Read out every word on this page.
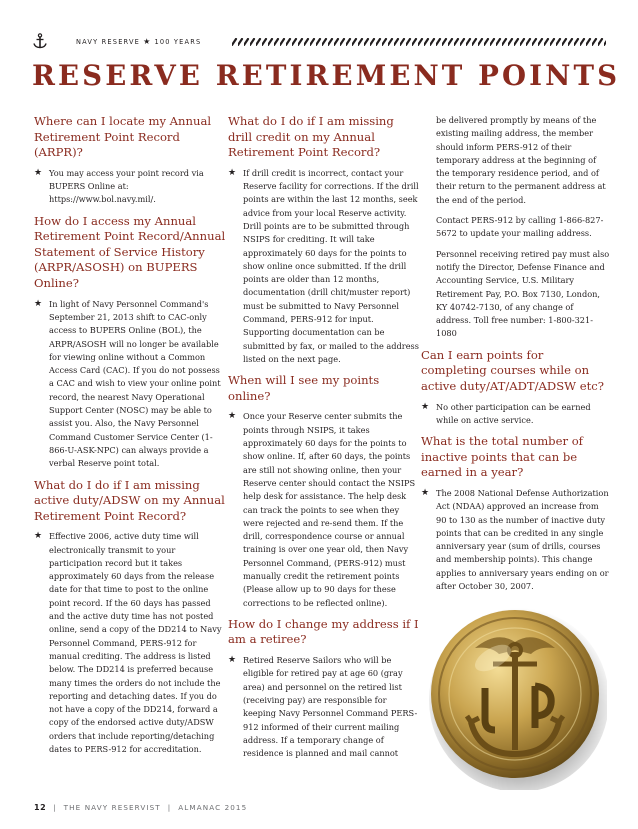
NAVY RESERVE ★ 100 YEARS
RESERVE RETIREMENT POINTS
Where can I locate my Annual Retirement Point Record (ARPR)?
★ You may access your point record via BUPERS Online at: https://www.bol.navy.mil/.
How do I access my Annual Retirement Point Record/Annual Statement of Service History (ARPR/ASOSH) on BUPERS Online?
★ In light of Navy Personnel Command's September 21, 2013 shift to CAC-only access to BUPERS Online (BOL), the ARPR/ASOSH will no longer be available for viewing online without a Common Access Card (CAC). If you do not possess a CAC and wish to view your online point record, the nearest Navy Operational Support Center (NOSC) may be able to assist you. Also, the Navy Personnel Command Customer Service Center (1-866-U-ASK-NPC) can always provide a verbal Reserve point total.
What do I do if I am missing active duty/ADSW on my Annual Retirement Point Record?
★ Effective 2006, active duty time will electronically transmit to your participation record but it takes approximately 60 days from the release date for that time to post to the online point record. If the 60 days has passed and the active duty time has not posted online, send a copy of the DD214 to Navy Personnel Command, PERS-912 for manual crediting. The address is listed below. The DD214 is preferred because many times the orders do not include the reporting and detaching dates. If you do not have a copy of the DD214, forward a copy of the endorsed active duty/ADSW orders that include reporting/detaching dates to PERS-912 for accreditation.
What do I do if I am missing drill credit on my Annual Retirement Point Record?
★ If drill credit is incorrect, contact your Reserve facility for corrections. If the drill points are within the last 12 months, seek advice from your local Reserve activity. Drill points are to be submitted through NSIPS for crediting. It will take approximately 60 days for the points to show online once submitted. If the drill points are older than 12 months, documentation (drill chit/muster report) must be submitted to Navy Personnel Command, PERS-912 for input. Supporting documentation can be submitted by fax, or mailed to the address listed on the next page.
When will I see my points online?
★ Once your Reserve center submits the points through NSIPS, it takes approximately 60 days for the points to show online. If, after 60 days, the points are still not showing online, then your Reserve center should contact the NSIPS help desk for assistance. The help desk can track the points to see when they were rejected and re-send them. If the drill, correspondence course or annual training is over one year old, then Navy Personnel Command, (PERS-912) must manually credit the retirement points (Please allow up to 90 days for these corrections to be reflected online).
How do I change my address if I am a retiree?
★ Retired Reserve Sailors who will be eligible for retired pay at age 60 (gray area) and personnel on the retired list (receiving pay) are responsible for keeping Navy Personnel Command PERS-912 informed of their current mailing address. If a temporary change of residence is planned and mail cannot
be delivered promptly by means of the existing mailing address, the member should inform PERS-912 of their temporary address at the beginning of the temporary residence period, and of their return to the permanent address at the end of the period.
Contact PERS-912 by calling 1-866-827-5672 to update your mailing address.
Personnel receiving retired pay must also notify the Director, Defense Finance and Accounting Service, U.S. Military Retirement Pay, P.O. Box 7130, London, KY 40742-7130, of any change of address. Toll free number: 1-800-321-1080
Can I earn points for completing courses while on active duty/AT/ADT/ADSW etc?
★ No other participation can be earned while on active service.
What is the total number of inactive points that can be earned in a year?
★ The 2008 National Defense Authorization Act (NDAA) approved an increase from 90 to 130 as the number of inactive duty points that can be credited in any single anniversary year (sum of drills, courses and membership points). This change applies to anniversary years ending on or after October 30, 2007.
12 | THE NAVY RESERVIST | ALMANAC 2015
